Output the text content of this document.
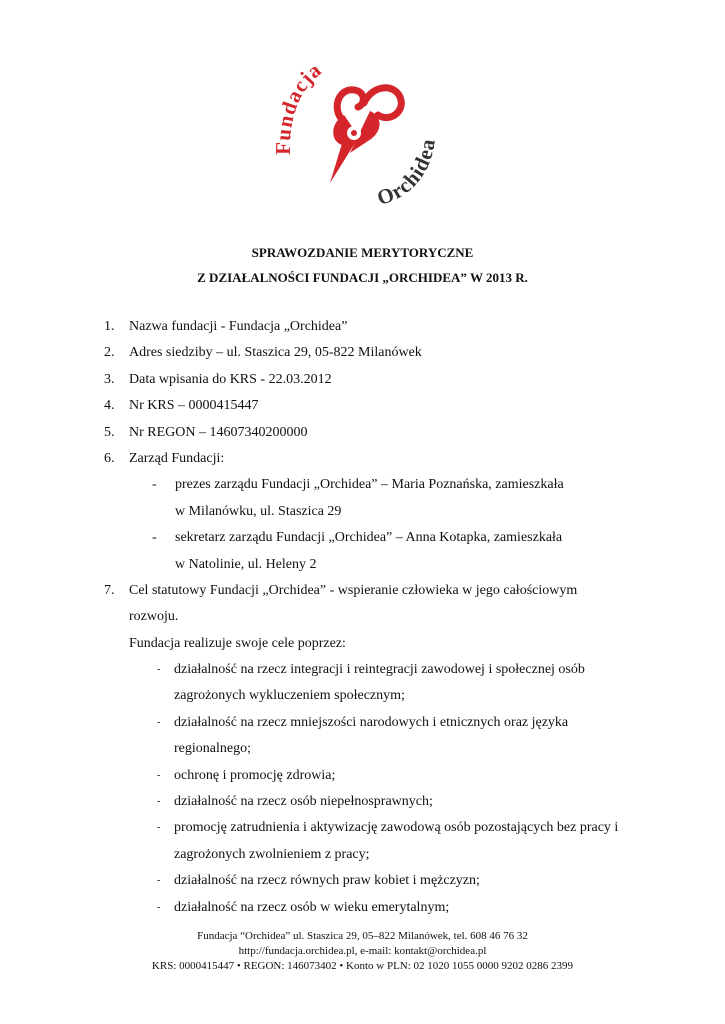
Fundacja
Orchidea
SPRAWOZDANIE MERYTORYCZNE
Z DZIAŁALNOŚCI FUNDACJI „ORCHIDEA” W 2013 R.
1. Nazwa fundacji - Fundacja „Orchidea”
2. Adres siedziby – ul. Staszica 29, 05-822 Milanówek
3. Data wpisania do KRS - 22.03.2012
4. Nr KRS – 0000415447
5. Nr REGON – 14607340200000
6. Zarząd Fundacji:
- prezes zarządu Fundacji „Orchidea” – Maria Poznańska, zamieszkała
w Milanówku, ul. Staszica 29
- sekretarz zarządu Fundacji „Orchidea” – Anna Kotapka, zamieszkała
w Natolinie, ul. Heleny 2
7. Cel statutowy Fundacji „Orchidea” - wspieranie człowieka w jego całościowym
rozwoju.
Fundacja realizuje swoje cele poprzez:
- działalność na rzecz integracji i reintegracji zawodowej i społecznej osób
zagrożonych wykluczeniem społecznym;
- działalność na rzecz mniejszości narodowych i etnicznych oraz języka
regionalnego;
- ochronę i promocję zdrowia;
- działalność na rzecz osób niepełnosprawnych;
- promocję zatrudnienia i aktywizację zawodową osób pozostających bez pracy i
zagrożonych zwolnieniem z pracy;
- działalność na rzecz równych praw kobiet i mężczyzn;
- działalność na rzecz osób w wieku emerytalnym;
Fundacja “Orchidea” ul. Staszica 29, 05–822 Milanówek, tel. 608 46 76 32
http://fundacja.orchidea.pl, e-mail: kontakt@orchidea.pl
KRS: 0000415447 • REGON: 146073402 • Konto w PLN: 02 1020 1055 0000 9202 0286 2399
